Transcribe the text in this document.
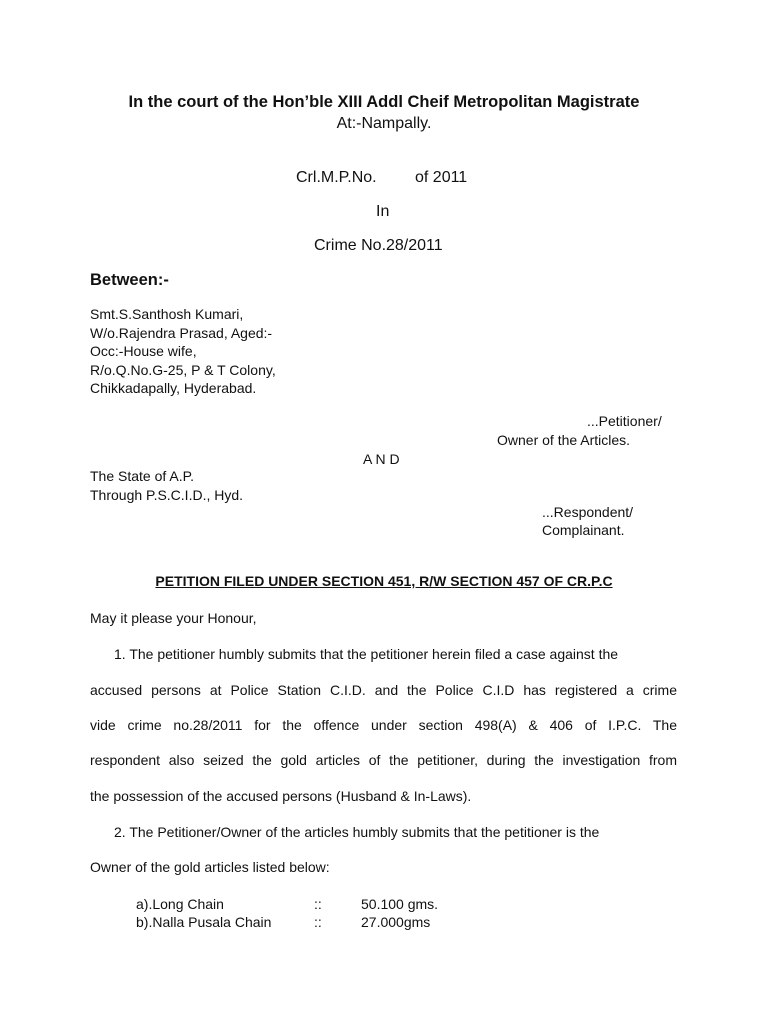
In the court of the Hon’ble XIII Addl Cheif Metropolitan Magistrate
At:-Nampally.
Crl.M.P.No. of 2011
In
Crime No.28/2011
Between:-
Smt.S.Santhosh Kumari,
W/o.Rajendra Prasad, Aged:-
Occ:-House wife,
R/o.Q.No.G-25, P & T Colony,
Chikkadapally, Hyderabad.
...Petitioner/
Owner of the Articles.
A N D
The State of A.P.
Through P.S.C.I.D., Hyd.
...Respondent/
Complainant.
PETITION FILED UNDER SECTION 451, R/W SECTION 457 OF CR.P.C
May it please your Honour,
1. The petitioner humbly submits that the petitioner herein filed a case against the
accused persons at Police Station C.I.D. and the Police C.I.D has registered a crime
vide crime no.28/2011 for the offence under section 498(A) & 406 of I.P.C. The
respondent also seized the gold articles of the petitioner, during the investigation from
the possession of the accused persons (Husband & In-Laws).
2. The Petitioner/Owner of the articles humbly submits that the petitioner is the
Owner of the gold articles listed below:
a).Long Chain	::	50.100 gms.
b).Nalla Pusala Chain	::	27.000gms
